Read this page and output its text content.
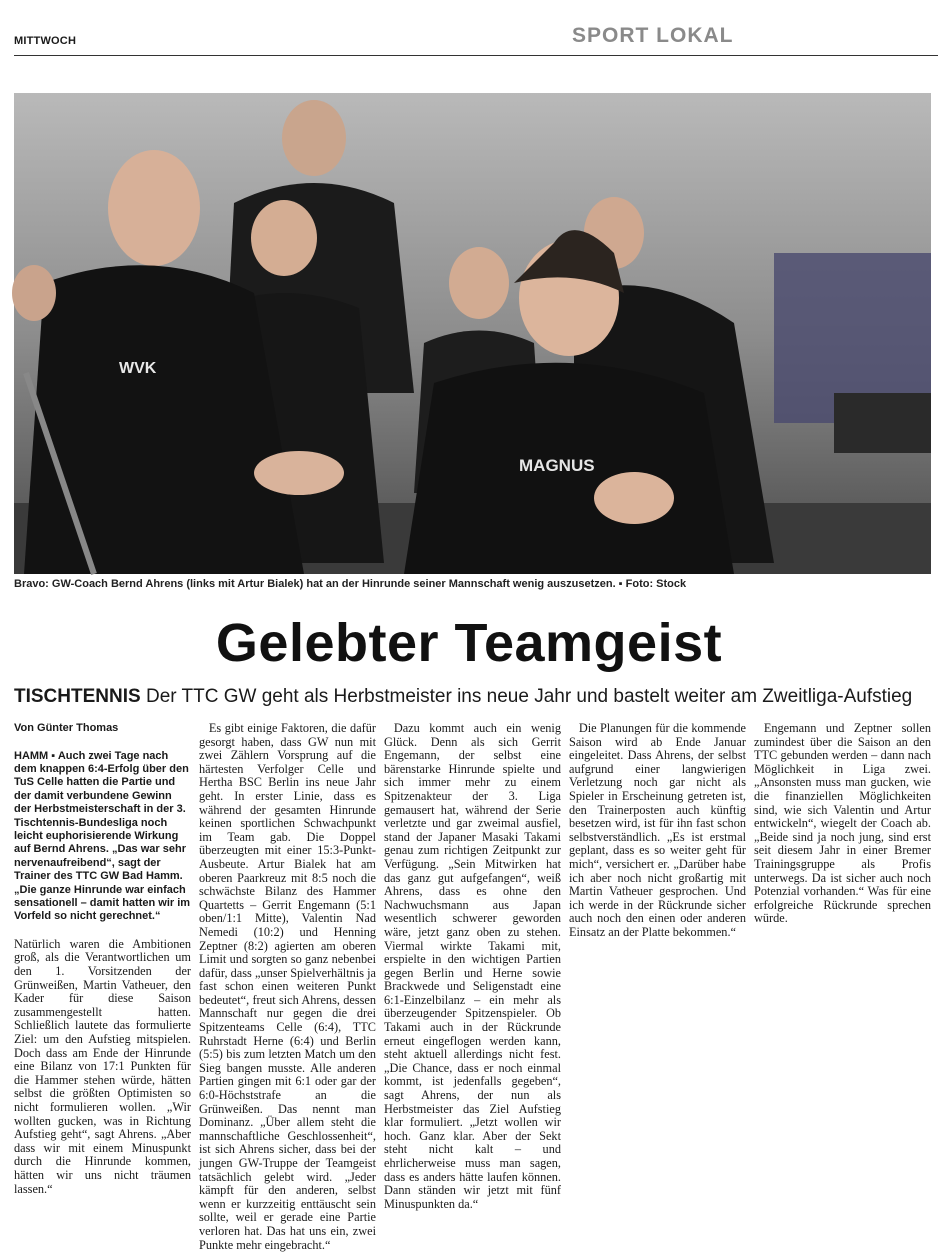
MITTWOCH	SPORT LOKAL
WVK
MAGNUS
Bravo: GW-Coach Bernd Ahrens (links mit Artur Bialek) hat an der Hinrunde seiner Mannschaft wenig auszusetzen. ▪ Foto: Stock
Gelebter Teamgeist
TISCHTENNIS Der TTC GW geht als Herbstmeister ins neue Jahr und bastelt weiter am Zweitliga-Aufstieg
Von Günter Thomas
HAMM ▪ Auch zwei Tage nach dem knappen 6:4-Erfolg über den TuS Celle hatten die Partie und der damit verbundene Gewinn der Herbstmeisterschaft in der 3. Tischtennis-Bundesliga noch leicht euphorisierende Wirkung auf Bernd Ahrens. „Das war sehr nervenaufreibend“, sagt der Trainer des TTC GW Bad Hamm. „Die ganze Hinrunde war einfach sensationell – damit hatten wir im Vorfeld so nicht gerechnet.“

Natürlich waren die Ambitionen groß, als die Verantwortlichen um den 1. Vorsitzenden der Grünweißen, Martin Vatheuer, den Kader für diese Saison zusammengestellt hatten. Schließlich lautete das formulierte Ziel: um den Aufstieg mitspielen. Doch dass am Ende der Hinrunde eine Bilanz von 17:1 Punkten für die Hammer stehen würde, hätten selbst die größten Optimisten so nicht formulieren wollen. „Wir wollten gucken, was in Richtung Aufstieg geht“, sagt Ahrens. „Aber dass wir mit einem Minuspunkt durch die Hinrunde kommen, hätten wir uns nicht träumen lassen.“

Es gibt einige Faktoren, die dafür gesorgt haben, dass GW nun mit zwei Zählern Vorsprung auf die härtesten Verfolger Celle und Hertha BSC Berlin ins neue Jahr geht. In erster Linie, dass es während der gesamten Hinrunde keinen sportlichen Schwachpunkt im Team gab. Die Doppel überzeugten mit einer 15:3-Punkt-Ausbeute. Artur Bialek hat am oberen Paarkreuz mit 8:5 noch die schwächste Bilanz des Hammer Quartetts – Gerrit Engemann (5:1 oben/1:1 Mitte), Valentin Nad Nemedi (10:2) und Henning Zeptner (8:2) agierten am oberen Limit und sorgten so ganz nebenbei dafür, dass „unser Spielverhältnis ja fast schon einen weiteren Punkt bedeutet“, freut sich Ahrens, dessen Mannschaft nur gegen die drei Spitzenteams Celle (6:4), TTC Ruhrstadt Herne (6:4) und Berlin (5:5) bis zum letzten Match um den Sieg bangen musste. Alle anderen Partien gingen mit 6:1 oder gar der 6:0-Höchststrafe an die Grünweißen. Das nennt man Dominanz. „Über allem steht die mannschaftliche Geschlossenheit“, ist sich Ahrens sicher, dass bei der jungen GW-Truppe der Teamgeist tatsächlich gelebt wird. „Jeder kämpft für den anderen, selbst wenn er kurzzeitig enttäuscht sein sollte, weil er gerade eine Partie verloren hat. Das hat uns ein, zwei Punkte mehr eingebracht.“

Dazu kommt auch ein wenig Glück. Denn als sich Gerrit Engemann, der selbst eine bärenstarke Hinrunde spielte und sich immer mehr zu einem Spitzenakteur der 3. Liga gemausert hat, während der Serie verletzte und gar zweimal ausfiel, stand der Japaner Masaki Takami genau zum richtigen Zeitpunkt zur Verfügung. „Sein Mitwirken hat das ganz gut aufgefangen“, weiß Ahrens, dass es ohne den Nachwuchsmann aus Japan wesentlich schwerer geworden wäre, jetzt ganz oben zu stehen. Viermal wirkte Takami mit, erspielte in den wichtigen Partien gegen Berlin und Herne sowie Brackwede und Seligenstadt eine 6:1-Einzelbilanz – ein mehr als überzeugender Spitzenspieler. Ob Takami auch in der Rückrunde erneut eingeflogen werden kann, steht aktuell allerdings nicht fest. „Die Chance, dass er noch einmal kommt, ist jedenfalls gegeben“, sagt Ahrens, der nun als Herbstmeister das Ziel Aufstieg klar formuliert. „Jetzt wollen wir hoch. Ganz klar. Aber der Sekt steht nicht kalt – und ehrlicherweise muss man sagen, dass es anders hätte laufen können. Dann ständen wir jetzt mit fünf Minuspunkten da.“

Die Planungen für die kommende Saison wird ab Ende Januar eingeleitet. Dass Ahrens, der selbst aufgrund einer langwierigen Verletzung noch gar nicht als Spieler in Erscheinung getreten ist, den Trainerposten auch künftig besetzen wird, ist für ihn fast schon selbstverständlich. „Es ist erstmal geplant, dass es so weiter geht für mich“, versichert er. „Darüber habe ich aber noch nicht großartig mit Martin Vatheuer gesprochen. Und ich werde in der Rückrunde sicher auch noch den einen oder anderen Einsatz an der Platte bekommen.“

Engemann und Zeptner sollen zumindest über die Saison an den TTC gebunden werden – dann nach Möglichkeit in Liga zwei. „Ansonsten muss man gucken, wie die finanziellen Möglichkeiten sind, wie sich Valentin und Artur entwickeln“, wiegelt der Coach ab. „Beide sind ja noch jung, sind erst seit diesem Jahr in einer Bremer Trainingsgruppe als Profis unterwegs. Da ist sicher auch noch Potenzial vorhanden.“ Was für eine erfolgreiche Rückrunde sprechen würde.
